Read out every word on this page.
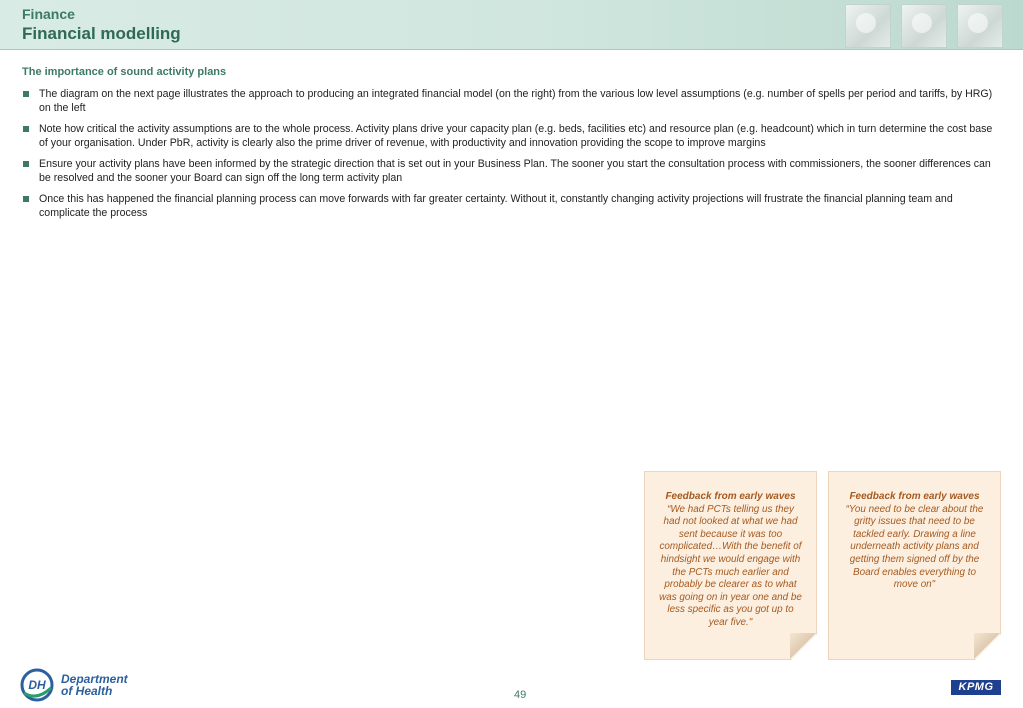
Finance
Financial modelling
The importance of sound activity plans
The diagram on the next page illustrates the approach to producing an integrated financial model (on the right) from the various low level assumptions (e.g. number of spells per period and tariffs, by HRG) on the left
Note how critical the activity assumptions are to the whole process. Activity plans drive your capacity plan (e.g. beds, facilities etc) and resource plan (e.g. headcount) which in turn determine the cost base of your organisation. Under PbR, activity is clearly also the prime driver of revenue, with productivity and innovation providing the scope to improve margins
Ensure your activity plans have been informed by the strategic direction that is set out in your Business Plan. The sooner you start the consultation process with commissioners, the sooner differences can be resolved and the sooner your Board can sign off the long term activity plan
Once this has happened the financial planning process can move forwards with far greater certainty. Without it, constantly changing activity projections will frustrate the financial planning team and complicate the process
Feedback from early waves
“We had PCTs telling us they had not looked at what we had sent because it was too complicated…With the benefit of hindsight we would engage with the PCTs much earlier and probably be clearer as to what was going on in year one and be less specific as you got up to year five."
Feedback from early waves
“You need to be clear about the gritty issues that need to be tackled early. Drawing a line underneath activity plans and getting them signed off by the Board enables everything to move on"
DH Department
of Health	49
KPMG
